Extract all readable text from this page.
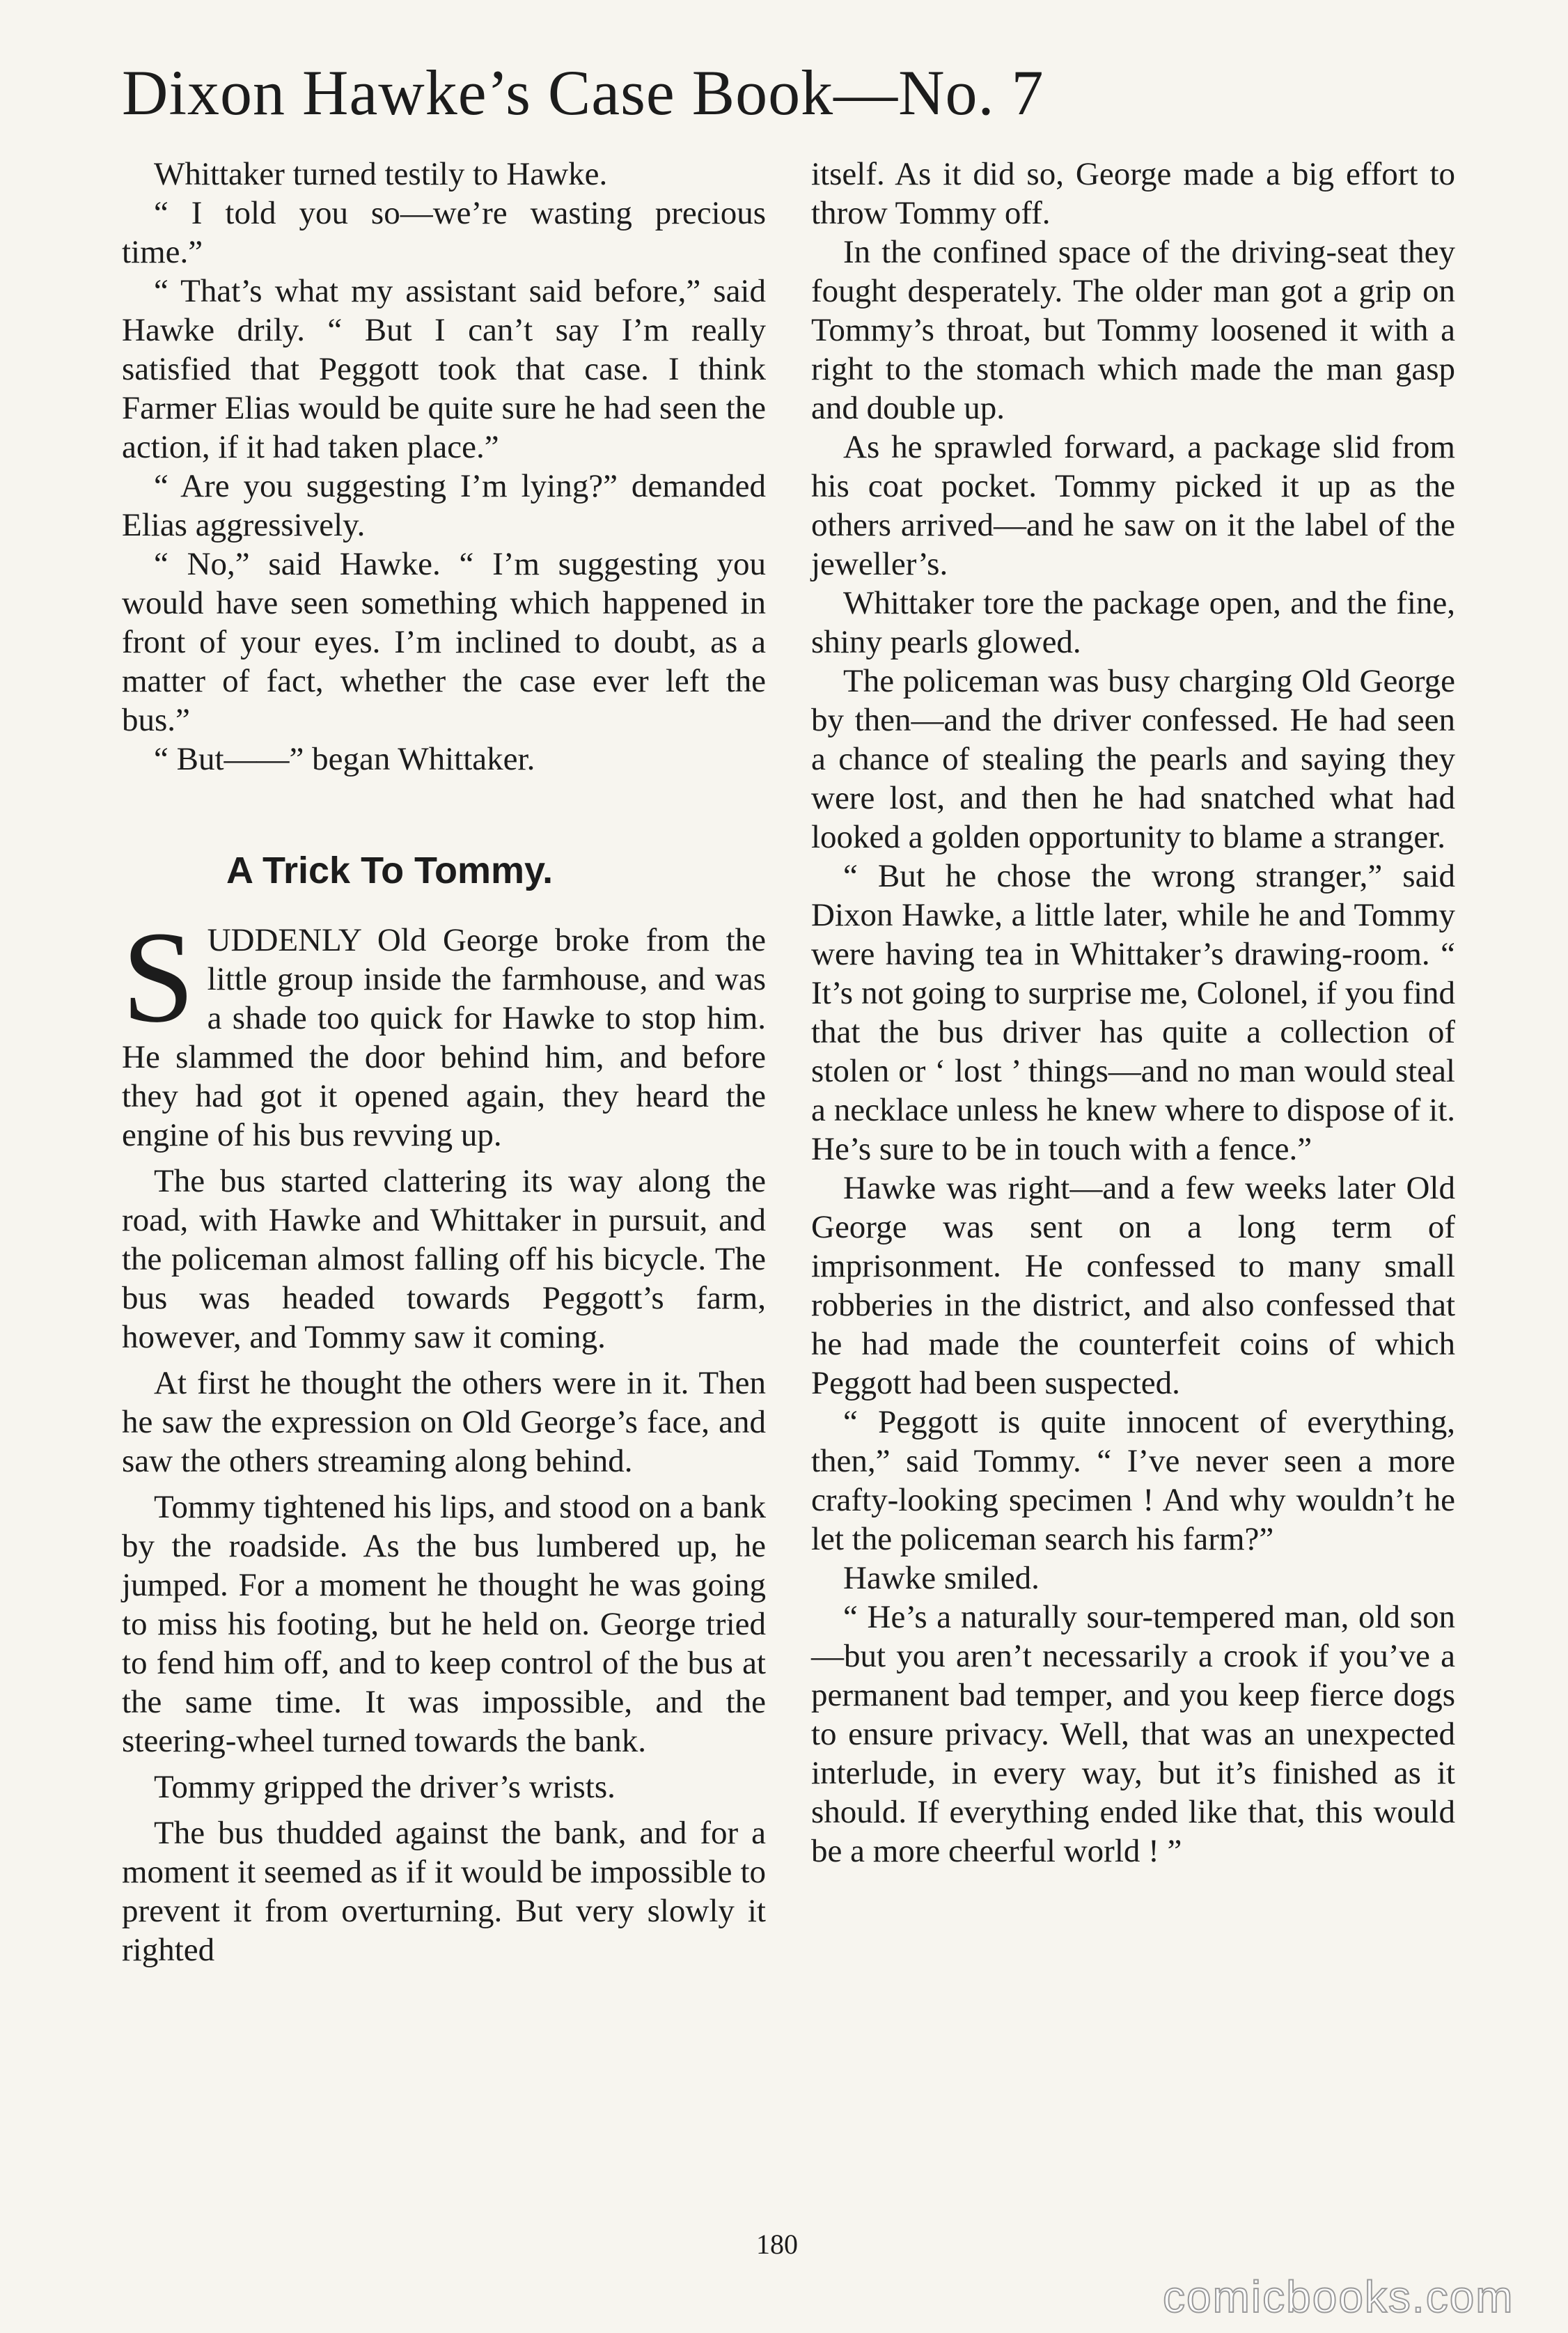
Dixon Hawke’s Case Book—No. 7

Whittaker turned testily to Hawke.

“ I told you so—we’re wasting precious time.”

“ That’s what my assistant said before,” said Hawke drily. “ But I can’t say I’m really satisfied that Peggott took that case. I think Farmer Elias would be quite sure he had seen the action, if it had taken place.”

“ Are you suggesting I’m lying?” demanded Elias aggressively.

“ No,” said Hawke. “ I’m suggesting you would have seen something which happened in front of your eyes. I’m inclined to doubt, as a matter of fact, whether the case ever left the bus.”

“ But——” began Whittaker.

A Trick To Tommy.

SUDDENLY Old George broke from the little group inside the farmhouse, and was a shade too quick for Hawke to stop him. He slammed the door behind him, and before they had got it opened again, they heard the engine of his bus revving up.

The bus started clattering its way along the road, with Hawke and Whittaker in pursuit, and the policeman almost falling off his bicycle. The bus was headed towards Peggott’s farm, however, and Tommy saw it coming.

At first he thought the others were in it. Then he saw the expression on Old George’s face, and saw the others streaming along behind.

Tommy tightened his lips, and stood on a bank by the roadside. As the bus lumbered up, he jumped. For a moment he thought he was going to miss his footing, but he held on. George tried to fend him off, and to keep control of the bus at the same time. It was impossible, and the steering-wheel turned towards the bank.

Tommy gripped the driver’s wrists.

The bus thudded against the bank, and for a moment it seemed as if it would be impossible to prevent it from overturning. But very slowly it righted

itself. As it did so, George made a big effort to throw Tommy off.

In the confined space of the driving-seat they fought desperately. The older man got a grip on Tommy’s throat, but Tommy loosened it with a right to the stomach which made the man gasp and double up.

As he sprawled forward, a package slid from his coat pocket. Tommy picked it up as the others arrived—and he saw on it the label of the jeweller’s.

Whittaker tore the package open, and the fine, shiny pearls glowed.

The policeman was busy charging Old George by then—and the driver confessed. He had seen a chance of stealing the pearls and saying they were lost, and then he had snatched what had looked a golden opportunity to blame a stranger.

“ But he chose the wrong stranger,” said Dixon Hawke, a little later, while he and Tommy were having tea in Whittaker’s drawing-room. “ It’s not going to surprise me, Colonel, if you find that the bus driver has quite a collection of stolen or ‘ lost ’ things—and no man would steal a necklace unless he knew where to dispose of it. He’s sure to be in touch with a fence.”

Hawke was right—and a few weeks later Old George was sent on a long term of imprisonment. He confessed to many small robberies in the district, and also confessed that he had made the counterfeit coins of which Peggott had been suspected.

“ Peggott is quite innocent of everything, then,” said Tommy. “ I’ve never seen a more crafty-looking specimen ! And why wouldn’t he let the policeman search his farm?”

Hawke smiled.

“ He’s a naturally sour-tempered man, old son—but you aren’t necessarily a crook if you’ve a permanent bad temper, and you keep fierce dogs to ensure privacy. Well, that was an unexpected interlude, in every way, but it’s finished as it should. If everything ended like that, this would be a more cheerful world ! ”

180
comicbooks.com
